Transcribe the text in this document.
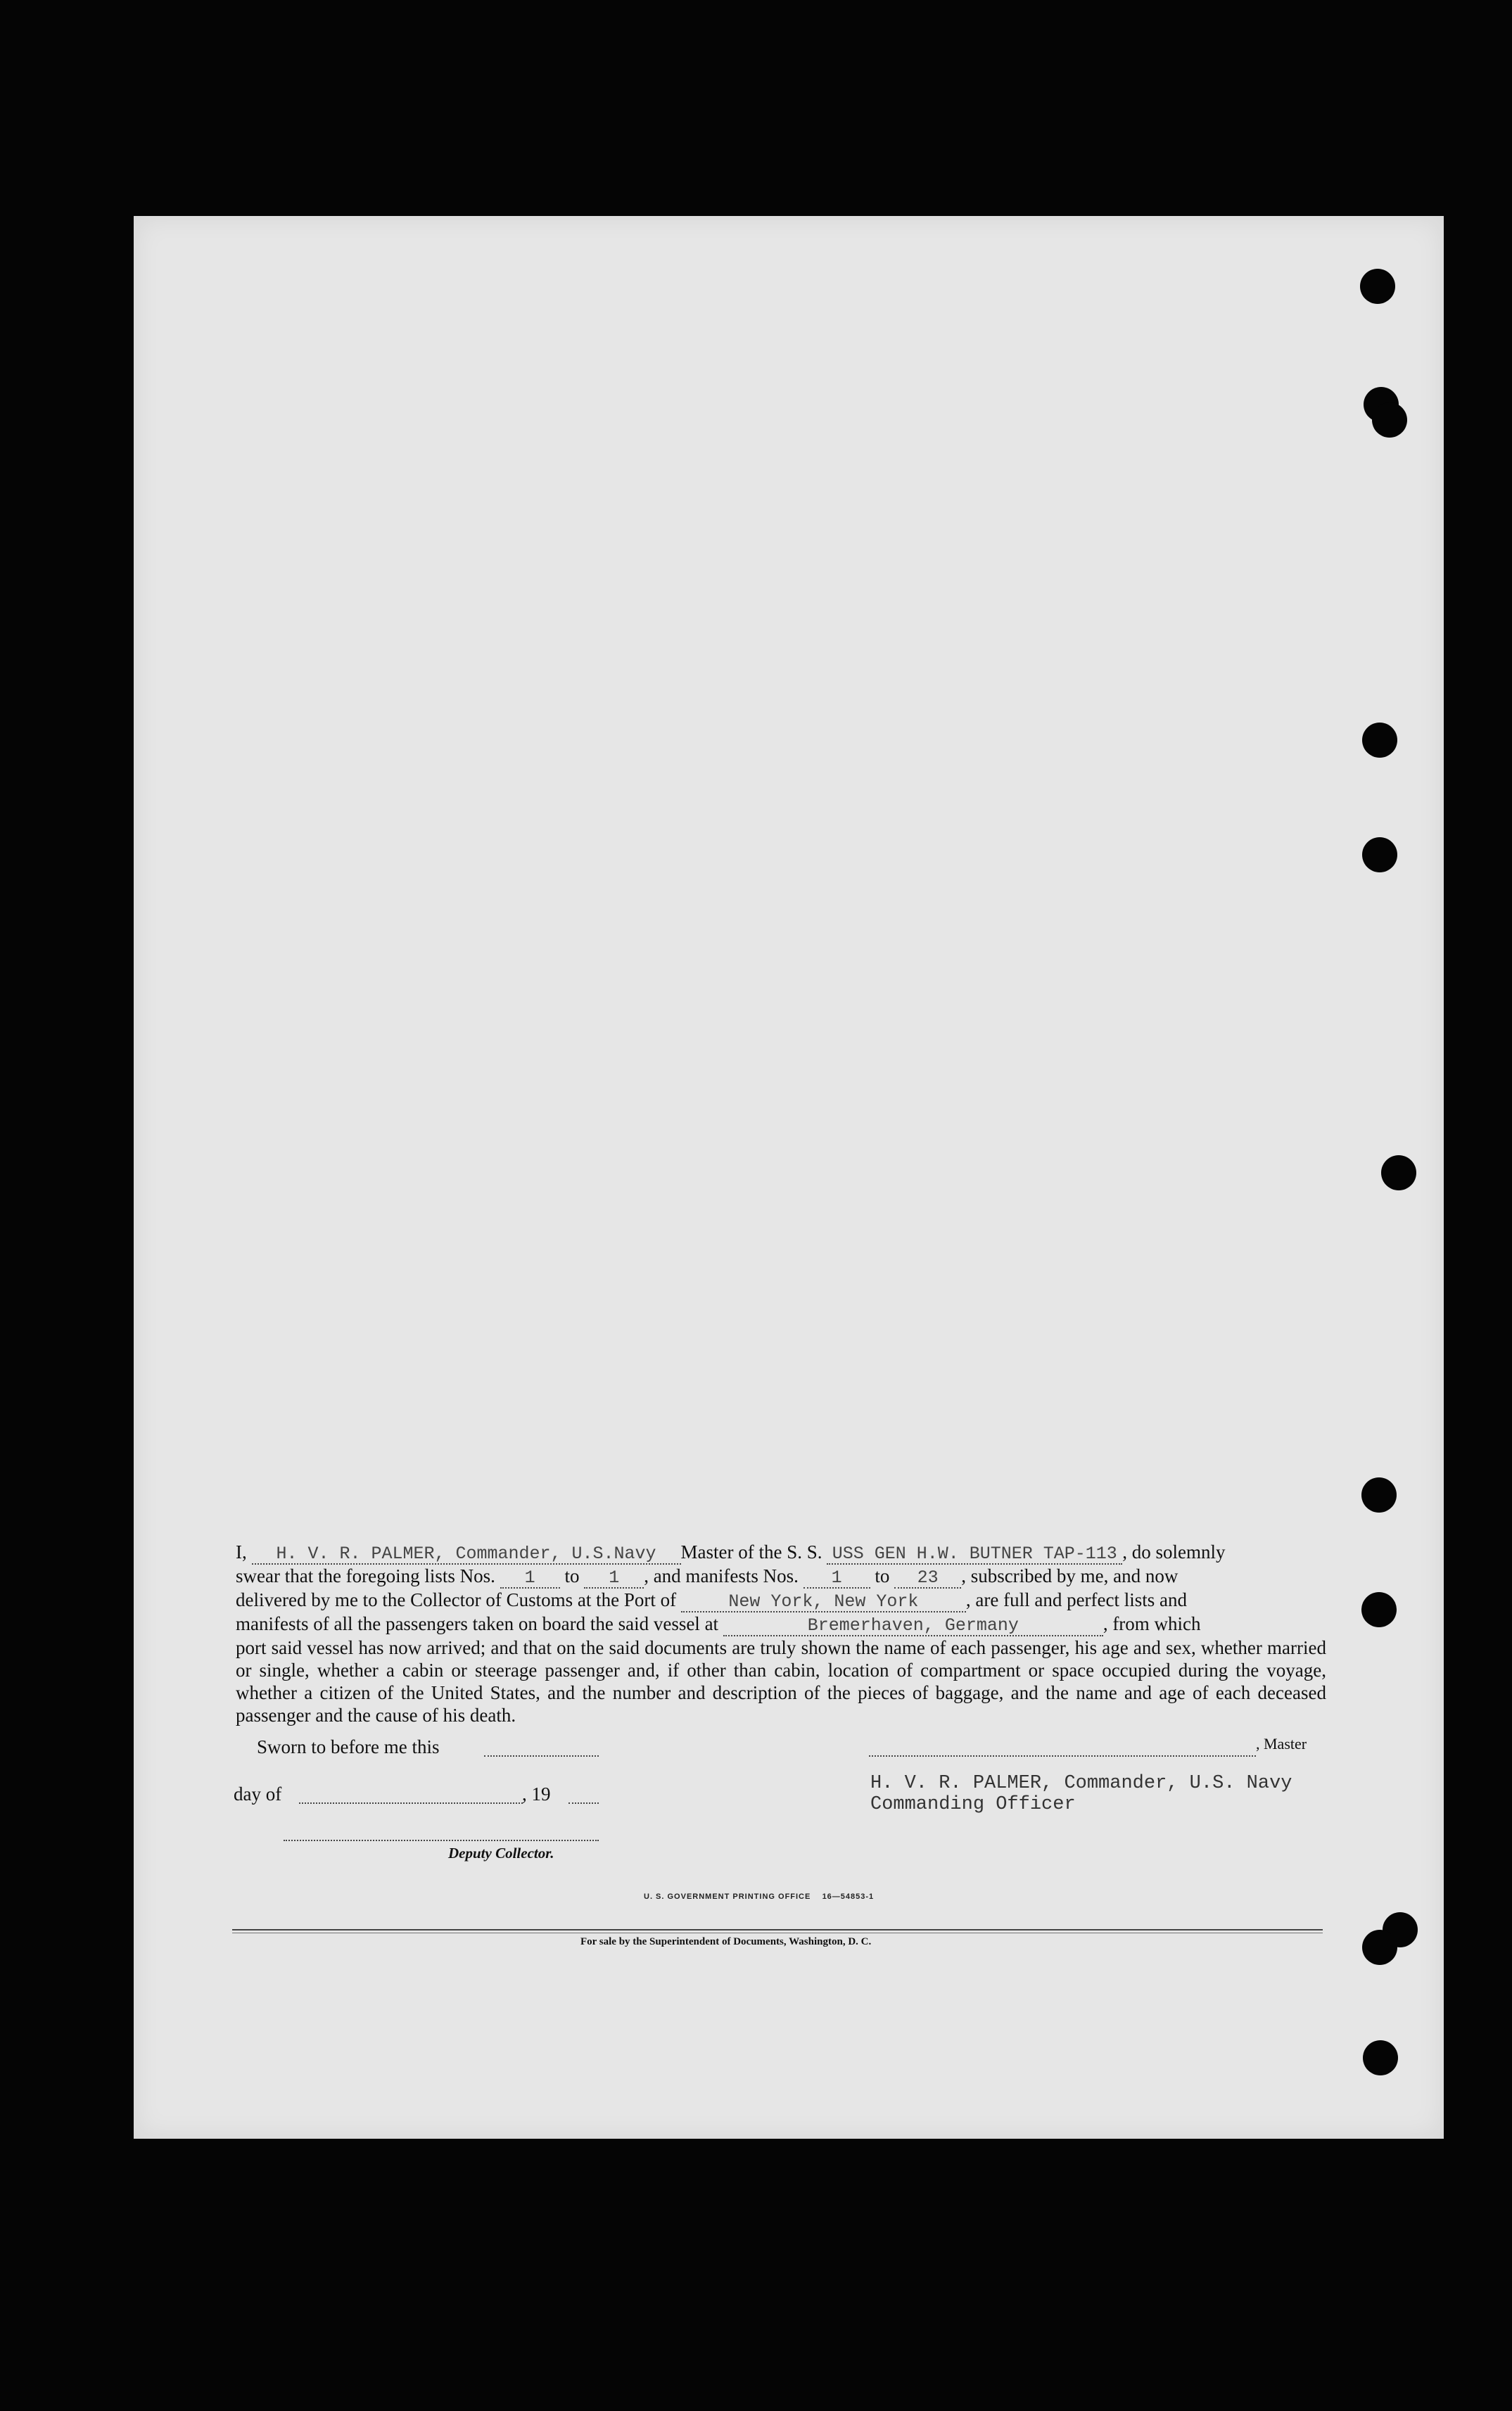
I, H. V. R. PALMER, Commander, U.S.Navy Master of the S. S. USS GEN H.W. BUTNER TAP-113 , do solemnly
swear that the foregoing lists Nos. 1 to 1 , and manifests Nos. 1 to 23 , subscribed by me, and now
delivered by me to the Collector of Customs at the Port of	New York, New York , are full and perfect lists and
manifests of all the passengers taken on board the said vessel at	Bremerhaven, Germany	, from which
port said vessel has now arrived; and that on the said documents are truly shown the name of each passenger, his age and sex, whether married or single, whether a cabin or steerage passenger and, if other than cabin, location of compartment or space occupied during the voyage, whether a citizen of the United States, and the number and description of the pieces of baggage, and the name and age of each deceased passenger and the cause of his death.
Sworn to before me this
day of	, 19
Deputy Collector.
, Master
H. V. R. PALMER, Commander, U.S. Navy
Commanding Officer
U. S. GOVERNMENT PRINTING OFFICE    16—54853-1
For sale by the Superintendent of Documents, Washington, D. C.
